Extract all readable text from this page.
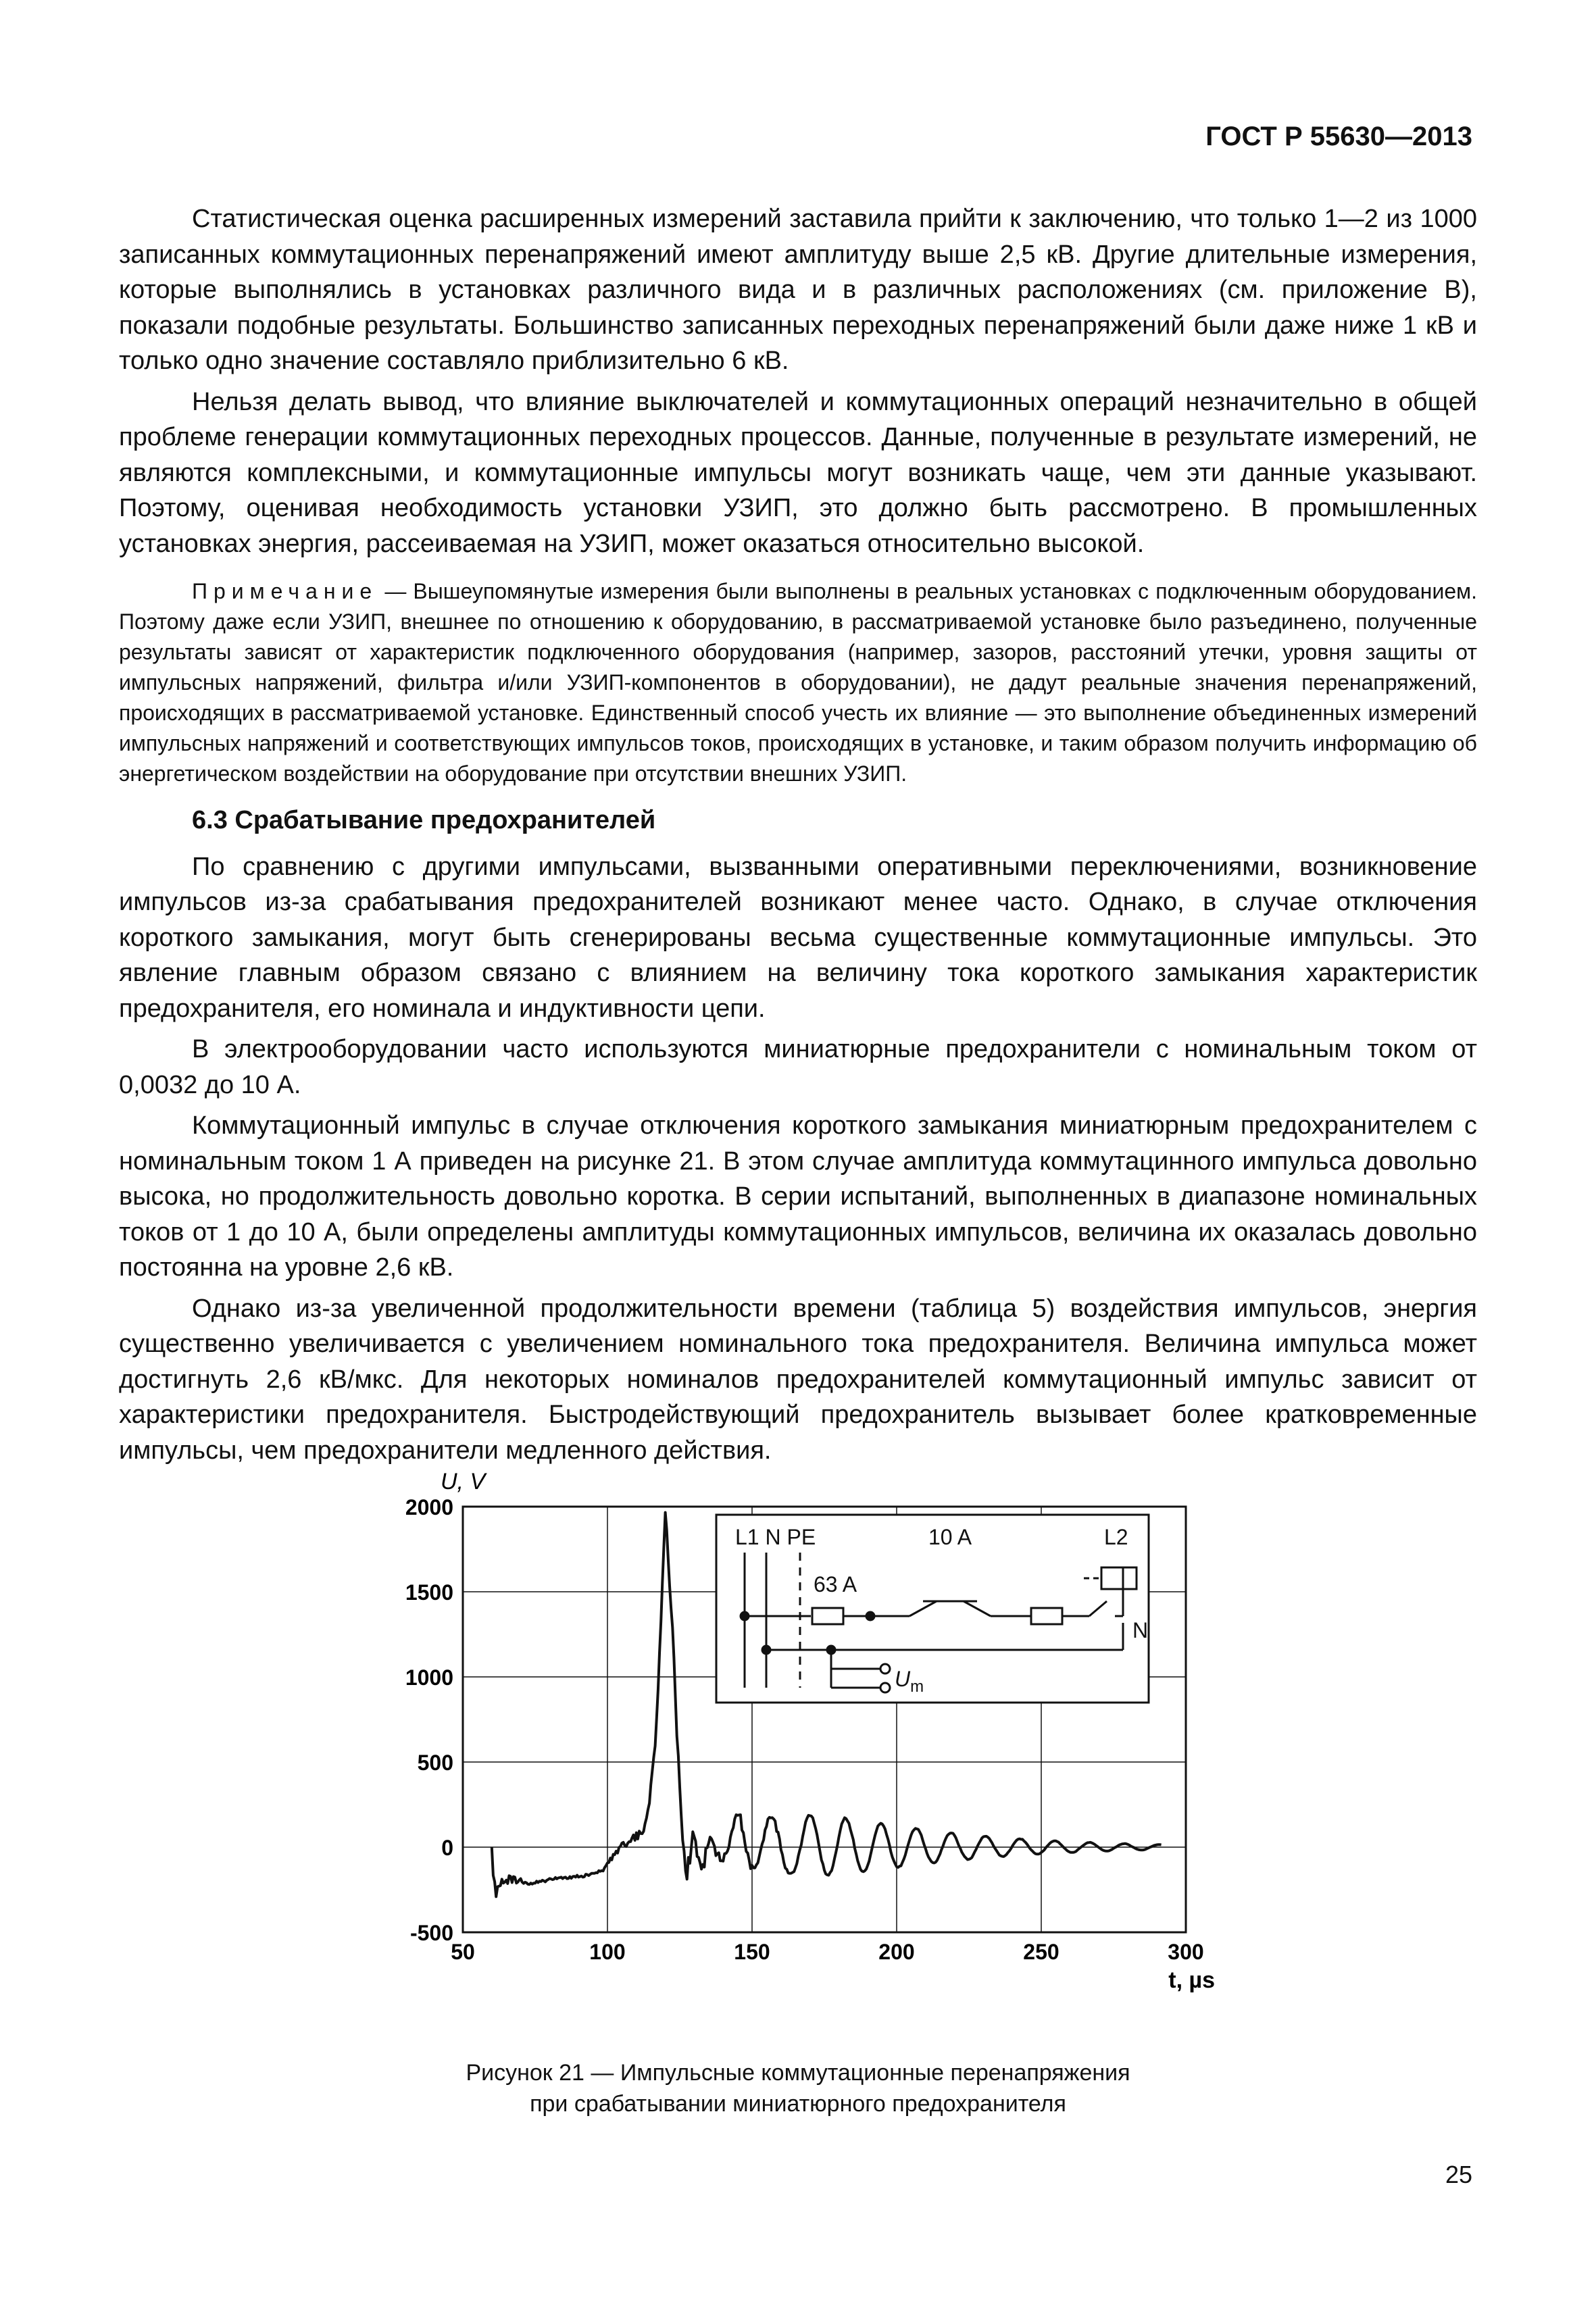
ГОСТ Р 55630—2013

Статистическая оценка расширенных измерений заставила прийти к заключению, что только 1—2 из 1000 записанных коммутационных перенапряжений имеют амплитуду выше 2,5 кВ. Другие длительные измерения, которые выполнялись в установках различного вида и в различных расположениях (см. приложение В), показали подобные результаты. Большинство записанных переходных перенапряжений были даже ниже 1 кВ и только одно значение составляло приблизительно 6 кВ.

Нельзя делать вывод, что влияние выключателей и коммутационных операций незначительно в общей проблеме генерации коммутационных переходных процессов. Данные, полученные в результате измерений, не являются комплексными, и коммутационные импульсы могут возникать чаще, чем эти данные указывают. Поэтому, оценивая необходимость установки УЗИП, это должно быть рассмотрено. В промышленных установках энергия, рассеиваемая на УЗИП, может оказаться относительно высокой.

Примечание — Вышеупомянутые измерения были выполнены в реальных установках с подключенным оборудованием. Поэтому даже если УЗИП, внешнее по отношению к оборудованию, в рассматриваемой установке было разъединено, полученные результаты зависят от характеристик подключенного оборудования (например, зазоров, расстояний утечки, уровня защиты от импульсных напряжений, фильтра и/или УЗИП-компонентов в оборудовании), не дадут реальные значения перенапряжений, происходящих в рассматриваемой установке. Единственный способ учесть их влияние — это выполнение объединенных измерений импульсных напряжений и соответствующих импульсов токов, происходящих в установке, и таким образом получить информацию об энергетическом воздействии на оборудование при отсутствии внешних УЗИП.
6.3 Срабатывание предохранителей

По сравнению с другими импульсами, вызванными оперативными переключениями, возникновение импульсов из-за срабатывания предохранителей возникают менее часто. Однако, в случае отключения короткого замыкания, могут быть сгенерированы весьма существенные коммутационные импульсы. Это явление главным образом связано с влиянием на величину тока короткого замыкания характеристик предохранителя, его номинала и индуктивности цепи.

В электрооборудовании часто используются миниатюрные предохранители с номинальным током от 0,0032 до 10 А.

Коммутационный импульс в случае отключения короткого замыкания миниатюрным предохранителем с номинальным током 1 А приведен на рисунке 21. В этом случае амплитуда коммутацинного импульса довольно высока, но продолжительность довольно коротка. В серии испытаний, выполненных в диапазоне номинальных токов от 1 до 10 А, были определены амплитуды коммутационных импульсов, величина их оказалась довольно постоянна на уровне 2,6 кВ.

Однако из-за увеличенной продолжительности времени (таблица 5) воздействия импульсов, энергия существенно увеличивается с увеличением номинального тока предохранителя. Величина импульса может достигнуть 2,6 кВ/мкс. Для некоторых номиналов предохранителей коммутационный импульс зависит от характеристики предохранителя. Быстродействующий предохранитель вызывает более кратковременные импульсы, чем предохранители медленного действия.

50	100	150	200	250	300
2000
1500
1000
500
0
-500
U, V
t, µs
L1 N PE
63 A
10 A	L2
N
$U_m$
Рисунок 21 — Импульсные коммутационные перенапряжения
при срабатывании миниатюрного предохранителя
25
